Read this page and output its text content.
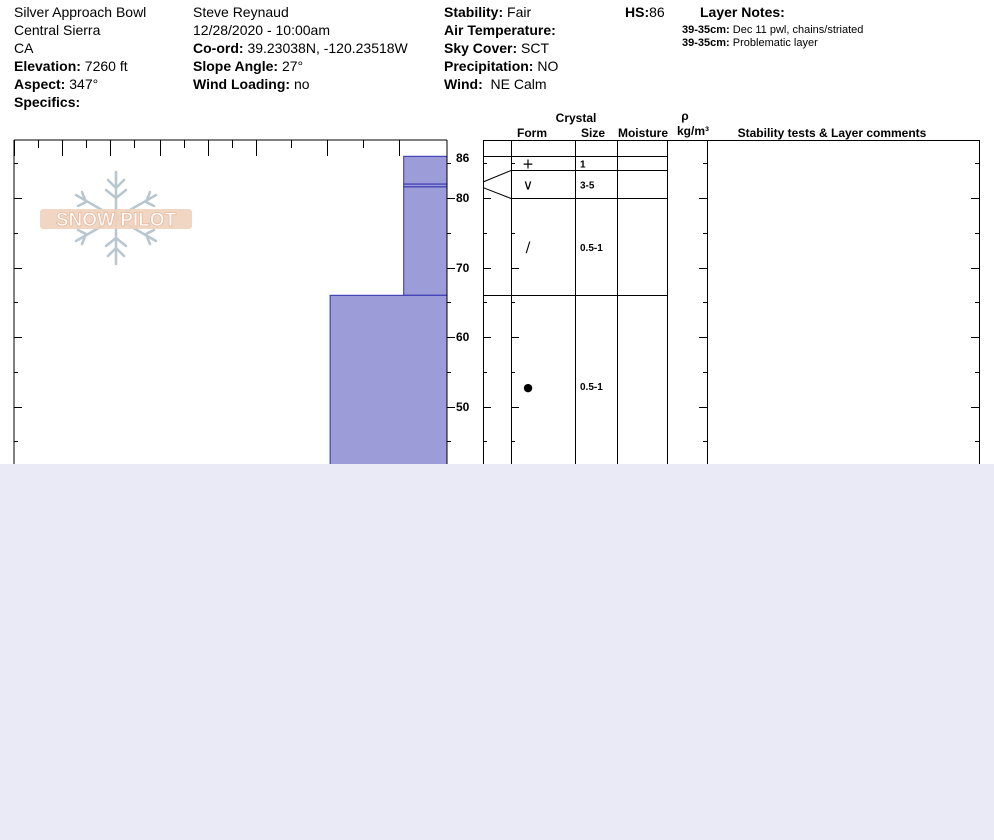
Silver Approach Bowl
Central Sierra
CA
Elevation: 7260 ft
Aspect: 347°
Specifics:
Steve Reynaud
12/28/2020 - 10:00am
Co-ord: 39.23038N, -120.23518W
Slope Angle: 27°
Wind Loading: no
Stability: Fair
Air Temperature:
Sky Cover: SCT
Precipitation: NO
Wind: NE Calm
HS:86	Layer Notes:
39-35cm: Dec 11 pwl, chains/striated
39-35cm: Problematic layer
SNOW PILOT
86
50
60
70
80
Crystal
Form	Size Moisture
ρ
kg/m³ Stability tests & Layer comments
+	1
∨	3-5
/	0.5-1
●	0.5-1
